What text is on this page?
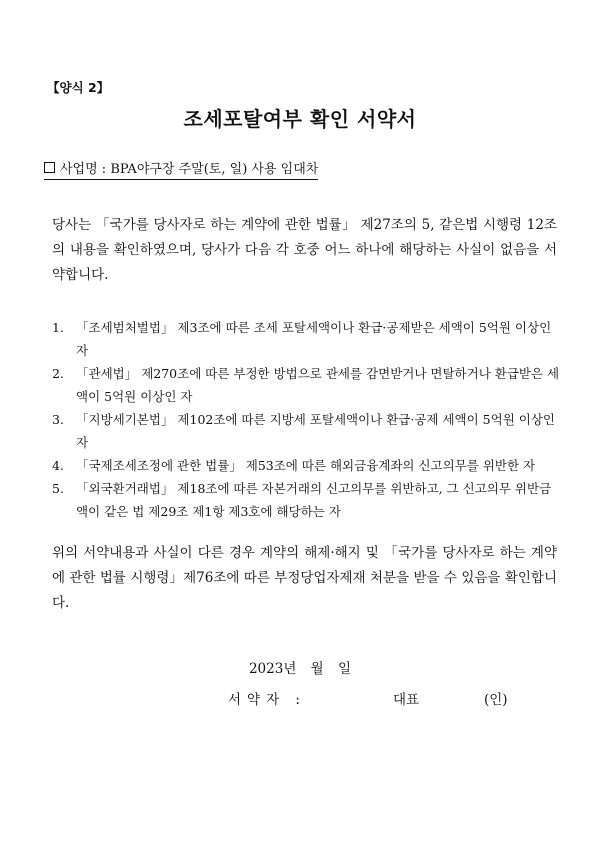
【양식 2】
조세포탈여부 확인 서약서
사업명 : BPA야구장 주말(토, 일) 사용 임대차

당사는 「국가를 당사자로 하는 계약에 관한 법률」 제27조의 5, 같은법 시행령 12조의 내용을 확인하였으며, 당사가 다음 각 호중 어느 하나에 해당하는 사실이 없음을 서약합니다.

1. 「조세범처벌법」 제3조에 따른 조세 포탈세액이나 환급·공제받은 세액이 5억원 이상인 자
2. 「관세법」 제270조에 따른 부정한 방법으로 관세를 감면받거나 면탈하거나 환급받은 세액이 5억원 이상인 자
3. 「지방세기본법」 제102조에 따른 지방세 포탈세액이나 환급·공제 세액이 5억원 이상인 자
4. 「국제조세조정에 관한 법률」 제53조에 따른 해외금융계좌의 신고의무를 위반한 자
5. 「외국환거래법」 제18조에 따른 자본거래의 신고의무를 위반하고, 그 신고의무 위반금액이 같은 법 제29조 제1항 제3호에 해당하는 자

위의 서약내용과 사실이 다른 경우 계약의 해제·해지 및 「국가를 당사자로 하는 계약에 관한 법률 시행령」제76조에 따른 부정당업자제재 처분을 받을 수 있음을 확인합니다.

2023년 월 일
서약자 :	대표	(인)
